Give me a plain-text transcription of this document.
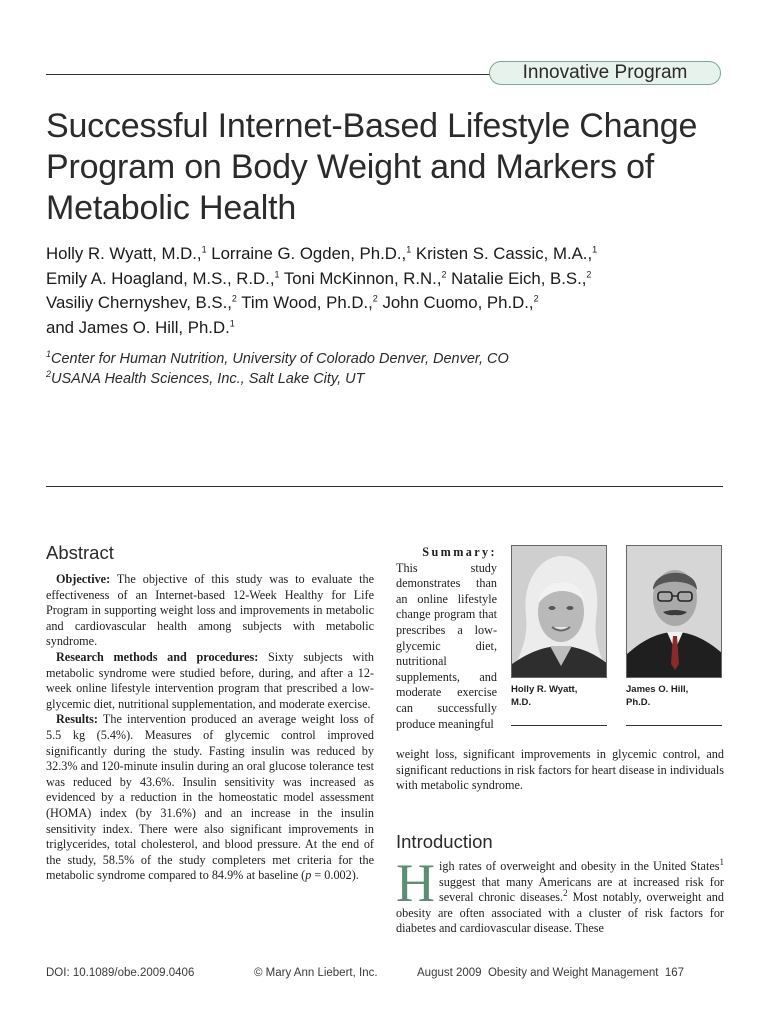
Innovative Program
Successful Internet-Based Lifestyle Change Program on Body Weight and Markers of Metabolic Health
Holly R. Wyatt, M.D.,$^1$ Lorraine G. Ogden, Ph.D.,$^1$ Kristen S. Cassic, M.A.,$^1$
Emily A. Hoagland, M.S., R.D.,$^1$ Toni McKinnon, R.N.,$^2$ Natalie Eich, B.S.,$^2$
Vasiliy Chernyshev, B.S.,$^2$ Tim Wood, Ph.D.,$^2$ John Cuomo, Ph.D.,$^2$
and James O. Hill, Ph.D.$^1$
$^1$Center for Human Nutrition, University of Colorado Denver, Denver, CO
$^2$USANA Health Sciences, Inc., Salt Lake City, UT
Abstract

Objective: The objective of this study was to evaluate the effectiveness of an Internet-based 12-Week Healthy for Life Program in supporting weight loss and improvements in metabolic and cardiovascular health among subjects with metabolic syndrome.

Research methods and procedures: Sixty subjects with metabolic syndrome were studied before, during, and after a 12-week online lifestyle intervention program that prescribed a low-glycemic diet, nutritional supplementation, and moderate exercise.

Results: The intervention produced an average weight loss of 5.5 kg (5.4%). Measures of glycemic control improved significantly during the study. Fasting insulin was reduced by 32.3% and 120-minute insulin during an oral glucose tolerance test was reduced by 43.6%. Insulin sensitivity was increased as evidenced by a reduction in the homeostatic model assessment (HOMA) index (by 31.6%) and an increase in the insulin sensitivity index. There were also significant improvements in triglycerides, total cholesterol, and blood pressure. At the end of the study, 58.5% of the study completers met criteria for the metabolic syndrome compared to 84.9% at baseline (p = 0.002).

Summary:
This study demonstrates than an online lifestyle change program that prescribes a low-glycemic diet, nutritional supplements, and moderate exercise can successfully produce meaningful
weight loss, significant improvements in glycemic control, and significant reductions in risk factors for heart disease in individuals with metabolic syndrome.
Holly R. Wyatt,
M.D.
James O. Hill,
Ph.D.
Introduction
High rates of overweight and obesity in the United States$^1$ suggest that many Americans are at increased risk for several chronic diseases.$^2$ Most notably, overweight and obesity are often associated with a cluster of risk factors for diabetes and cardiovascular disease. These
DOI: 10.1089/obe.2009.0406	© Mary Ann Liebert, Inc.	August 2009 Obesity and Weight Management 167
